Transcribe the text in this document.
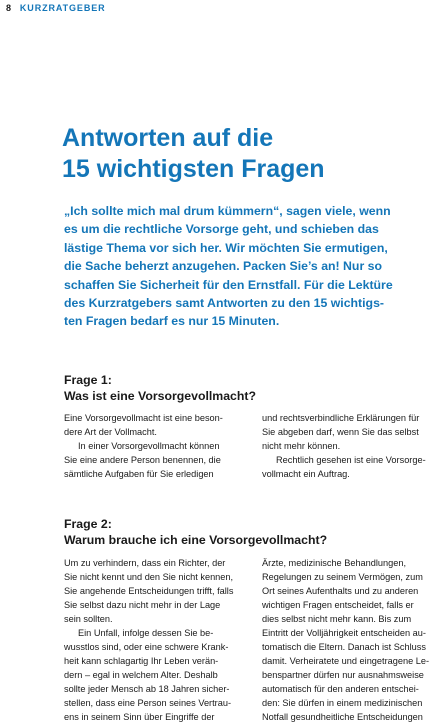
8 KURZRATGEBER
Antworten auf die
15 wichtigsten Fragen

„Ich sollte mich mal drum kümmern“, sagen viele, wenn
es um die rechtliche Vorsorge geht, und schieben das
lästige Thema vor sich her. Wir möchten Sie ermutigen,
die Sache beherzt anzugehen. Packen Sie’s an! Nur so
schaffen Sie Sicherheit für den Ernstfall. Für die Lektüre
des Kurzratgebers samt Antworten zu den 15 wichtigs-
ten Fragen bedarf es nur 15 Minuten.

Frage 1:
Was ist eine Vorsorgevollmacht?
Eine Vorsorgevollmacht ist eine beson-
dere Art der Vollmacht.
In einer Vorsorgevollmacht können
Sie eine andere Person benennen, die
sämtliche Aufgaben für Sie erledigen
und rechtsverbindliche Erklärungen für
Sie abgeben darf, wenn Sie das selbst
nicht mehr können.
Rechtlich gesehen ist eine Vorsorge-
vollmacht ein Auftrag.
Frage 2:
Warum brauche ich eine Vorsorgevollmacht?
Um zu verhindern, dass ein Richter, der
Sie nicht kennt und den Sie nicht kennen,
Sie angehende Entscheidungen trifft, falls
Sie selbst dazu nicht mehr in der Lage
sein sollten.
Ein Unfall, infolge dessen Sie be-
wusstlos sind, oder eine schwere Krank-
heit kann schlagartig Ihr Leben verän-
dern – egal in welchem Alter. Deshalb
sollte jeder Mensch ab 18 Jahren sicher-
stellen, dass eine Person seines Vertrau-
ens in seinem Sinn über Eingriffe der
Ärzte, medizinische Behandlungen,
Regelungen zu seinem Vermögen, zum
Ort seines Aufenthalts und zu anderen
wichtigen Fragen entscheidet, falls er
dies selbst nicht mehr kann. Bis zum
Eintritt der Volljährigkeit entscheiden au-
tomatisch die Eltern. Danach ist Schluss
damit. Verheiratete und eingetragene Le-
benspartner dürfen nur ausnahmsweise
automatisch für den anderen entschei-
den: Sie dürfen in einem medizinischen
Notfall gesundheitliche Entscheidungen
